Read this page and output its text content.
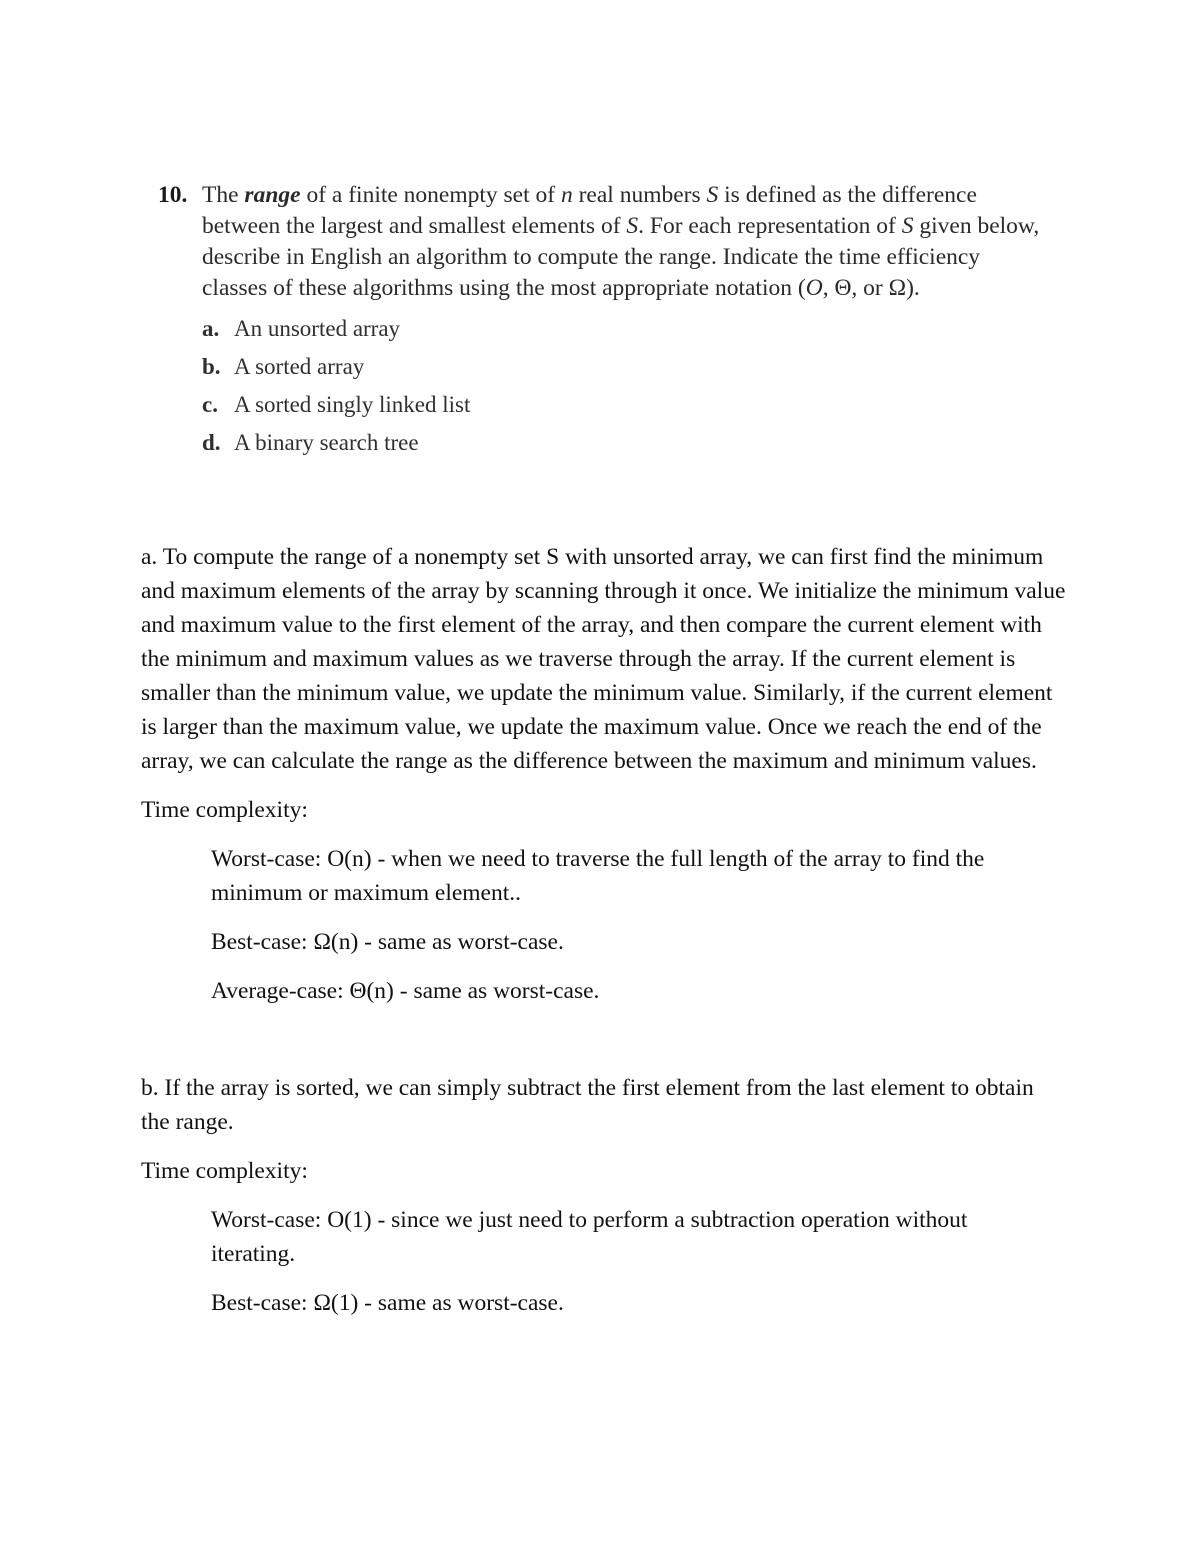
10. The range of a finite nonempty set of n real numbers S is defined as the difference between the largest and smallest elements of S. For each representation of S given below, describe in English an algorithm to compute the range. Indicate the time efficiency classes of these algorithms using the most appropriate notation (O, Θ, or Ω).
a. An unsorted array
b. A sorted array
c. A sorted singly linked list
d. A binary search tree

a. To compute the range of a nonempty set S with unsorted array, we can first find the minimum and maximum elements of the array by scanning through it once. We initialize the minimum value and maximum value to the first element of the array, and then compare the current element with the minimum and maximum values as we traverse through the array. If the current element is smaller than the minimum value, we update the minimum value. Similarly, if the current element is larger than the maximum value, we update the maximum value. Once we reach the end of the array, we can calculate the range as the difference between the maximum and minimum values.

Time complexity:

Worst-case: O(n) - when we need to traverse the full length of the array to find the minimum or maximum element..

Best-case: Ω(n) - same as worst-case.

Average-case: Θ(n) - same as worst-case.

b. If the array is sorted, we can simply subtract the first element from the last element to obtain the range.

Time complexity:

Worst-case: O(1) - since we just need to perform a subtraction operation without iterating.

Best-case: Ω(1) - same as worst-case.
